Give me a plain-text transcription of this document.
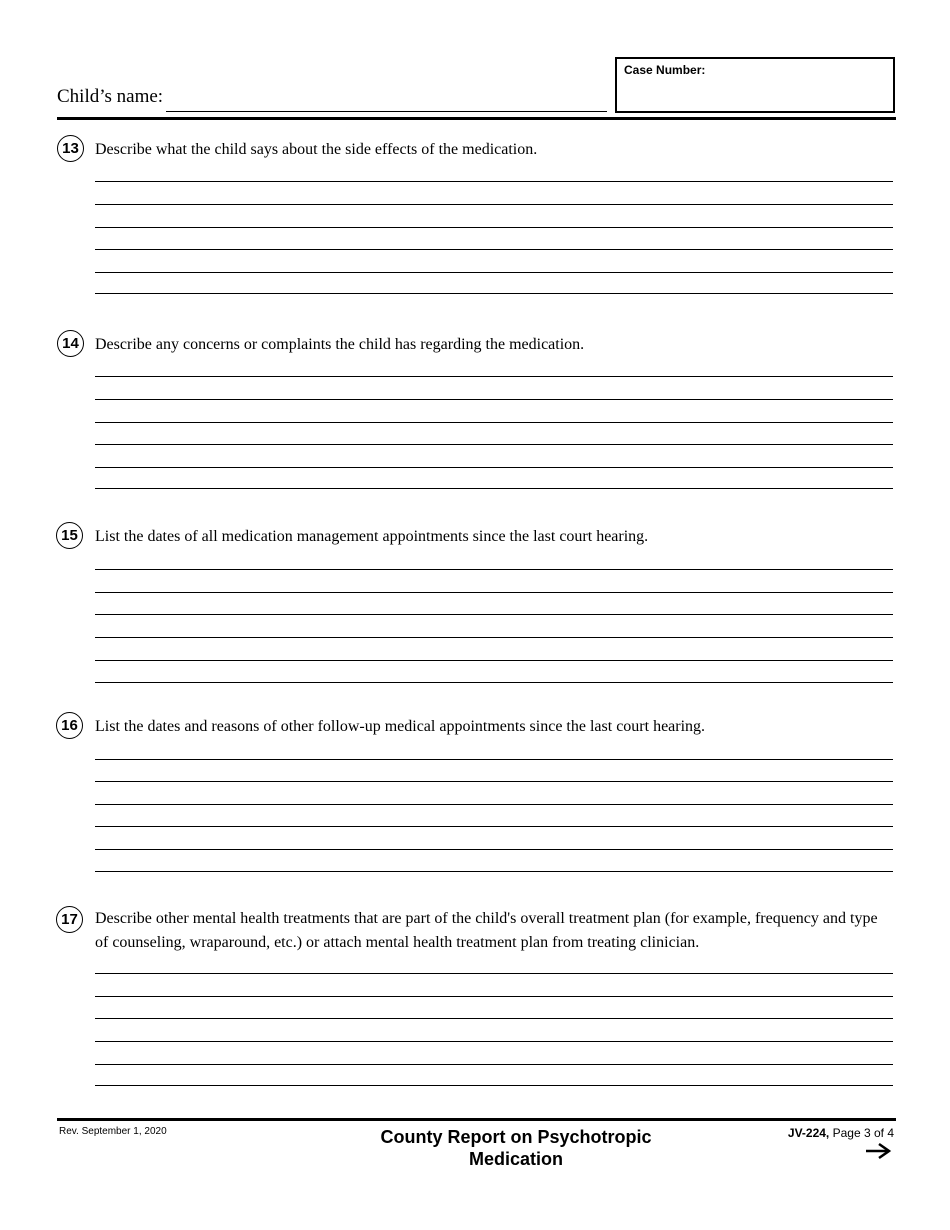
Child’s name:
Case Number:
13	Describe what the child says about the side effects of the medication.
14	Describe any concerns or complaints the child has regarding the medication.
15	List the dates of all medication management appointments since the last court hearing.
16	List the dates and reasons of other follow-up medical appointments since the last court hearing.
17	Describe other mental health treatments that are part of the child's overall treatment plan (for example, frequency and type of counseling, wraparound, etc.) or attach mental health treatment plan from treating clinician.
Rev. September 1, 2020	County Report on Psychotropic
Medication
JV-224, Page 3 of 4
